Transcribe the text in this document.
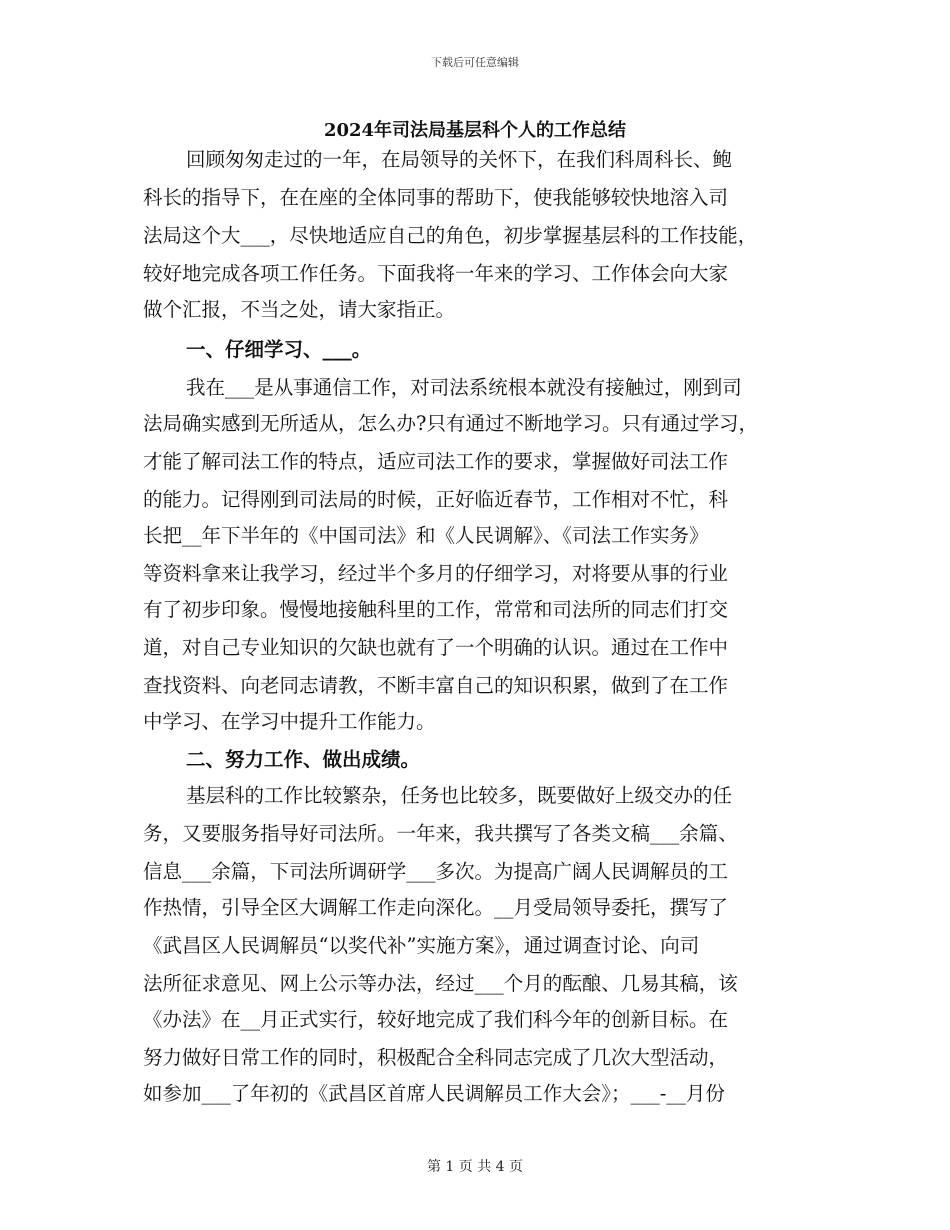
下载后可任意编辑
2024年司法局基层科个人的工作总结
回顾匆匆走过的一年，在局领导的关怀下，在我们科周科长、鲍
科长的指导下，在在座的全体同事的帮助下，使我能够较快地溶入司
法局这个大___，尽快地适应自己的角色，初步掌握基层科的工作技能，
较好地完成各项工作任务。下面我将一年来的学习、工作体会向大家
做个汇报，不当之处，请大家指正。
一、仔细学习、___。
我在___是从事通信工作，对司法系统根本就没有接触过，刚到司
法局确实感到无所适从，怎么办?只有通过不断地学习。只有通过学习，
才能了解司法工作的特点，适应司法工作的要求，掌握做好司法工作
的能力。记得刚到司法局的时候，正好临近春节，工作相对不忙，科
长把__年下半年的《中国司法》和《人民调解》、《司法工作实务》
等资料拿来让我学习，经过半个多月的仔细学习，对将要从事的行业
有了初步印象。慢慢地接触科里的工作，常常和司法所的同志们打交
道，对自己专业知识的欠缺也就有了一个明确的认识。通过在工作中
查找资料、向老同志请教，不断丰富自己的知识积累，做到了在工作
中学习、在学习中提升工作能力。
二、努力工作、做出成绩。
基层科的工作比较繁杂，任务也比较多，既要做好上级交办的任
务，又要服务指导好司法所。一年来，我共撰写了各类文稿___余篇、
信息___余篇，下司法所调研学___多次。为提高广阔人民调解员的工
作热情，引导全区大调解工作走向深化。__月受局领导委托，撰写了
《武昌区人民调解员“以奖代补”实施方案》，通过调查讨论、向司
法所征求意见、网上公示等办法，经过___个月的酝酿、几易其稿，该
《办法》在__月正式实行，较好地完成了我们科今年的创新目标。在
努力做好日常工作的同时，积极配合全科同志完成了几次大型活动，
如参加___了年初的《武昌区首席人民调解员工作大会》；___-__月份
第 1 页 共 4 页
